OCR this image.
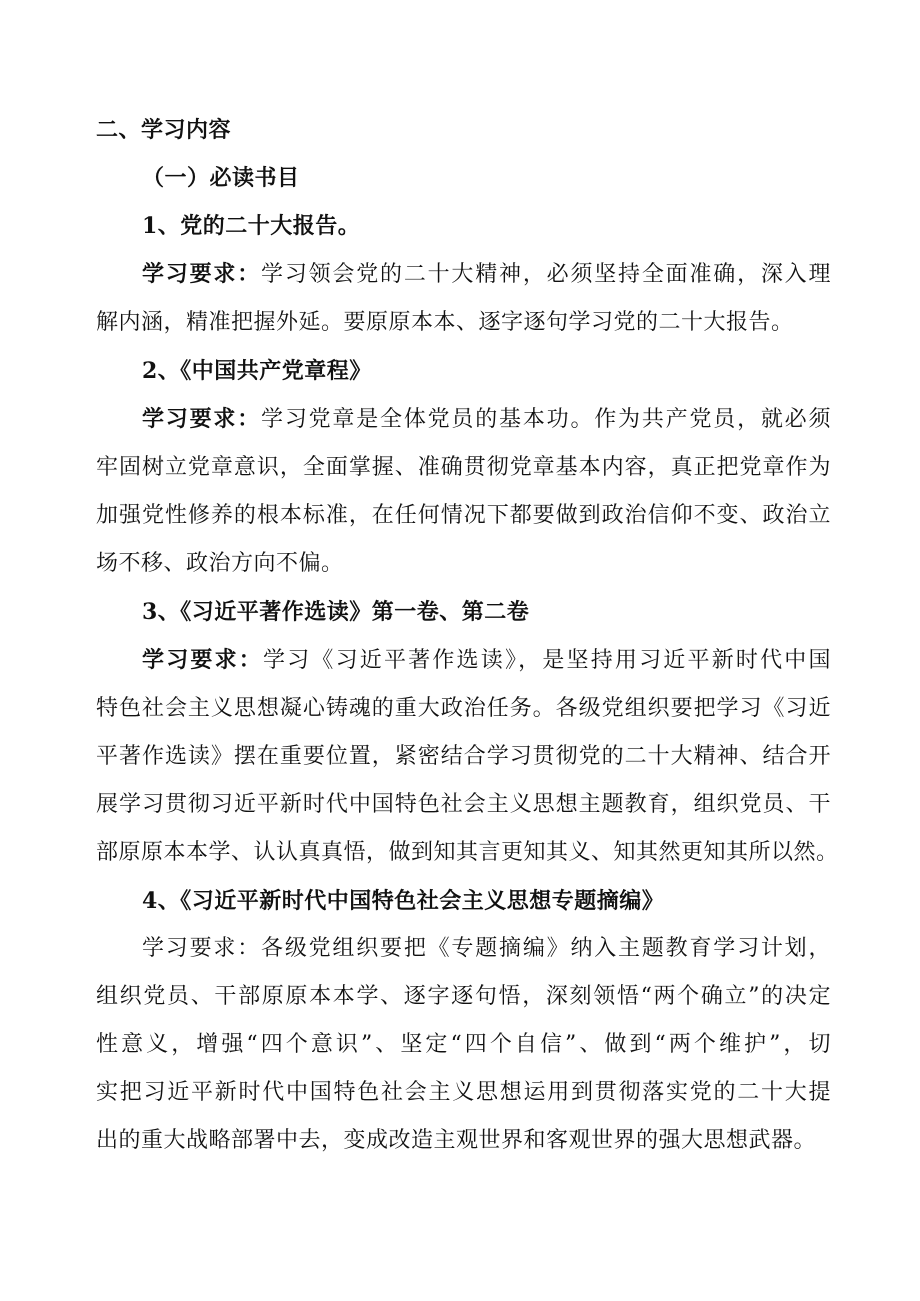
二、学习内容
（一）必读书目
1、党的二十大报告。
学习要求：学习领会党的二十大精神，必须坚持全面准确，深入理
解内涵，精准把握外延。要原原本本、逐字逐句学习党的二十大报告。
2、《中国共产党章程》
学习要求：学习党章是全体党员的基本功。作为共产党员，就必须
牢固树立党章意识，全面掌握、准确贯彻党章基本内容，真正把党章作为
加强党性修养的根本标准，在任何情况下都要做到政治信仰不变、政治立
场不移、政治方向不偏。
3、《习近平著作选读》第一卷、第二卷
学习要求：学习《习近平著作选读》，是坚持用习近平新时代中国
特色社会主义思想凝心铸魂的重大政治任务。各级党组织要把学习《习近
平著作选读》摆在重要位置，紧密结合学习贯彻党的二十大精神、结合开
展学习贯彻习近平新时代中国特色社会主义思想主题教育，组织党员、干
部原原本本学、认认真真悟，做到知其言更知其义、知其然更知其所以然。
4、《习近平新时代中国特色社会主义思想专题摘编》
学习要求：各级党组织要把《专题摘编》纳入主题教育学习计划，
组织党员、干部原原本本学、逐字逐句悟，深刻领悟“两个确立”的决定
性意义，增强“四个意识”、坚定“四个自信”、做到“两个维护”，切
实把习近平新时代中国特色社会主义思想运用到贯彻落实党的二十大提
出的重大战略部署中去，变成改造主观世界和客观世界的强大思想武器。
